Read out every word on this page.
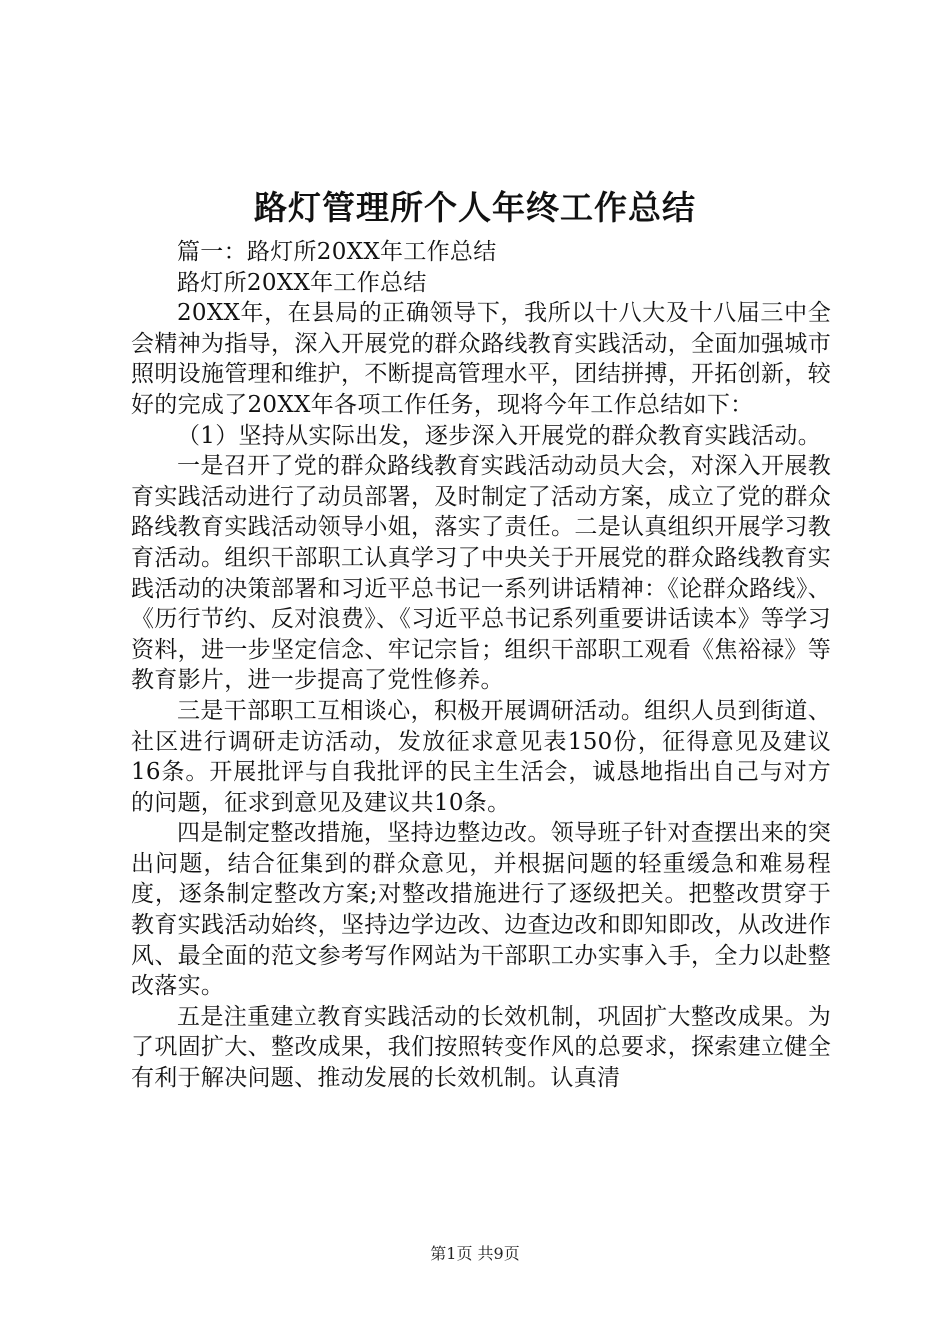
路灯管理所个人年终工作总结

篇一：路灯所20XX年工作总结

路灯所20XX年工作总结

20XX年，在县局的正确领导下，我所以十八大及十八届三中全会精神为指导，深入开展党的群众路线教育实践活动，全面加强城市照明设施管理和维护，不断提高管理水平，团结拼搏，开拓创新，较好的完成了20XX年各项工作任务，现将今年工作总结如下：

（1）坚持从实际出发，逐步深入开展党的群众教育实践活动。

一是召开了党的群众路线教育实践活动动员大会，对深入开展教育实践活动进行了动员部署，及时制定了活动方案，成立了党的群众路线教育实践活动领导小姐，落实了责任。二是认真组织开展学习教育活动。组织干部职工认真学习了中央关于开展党的群众路线教育实践活动的决策部署和习近平总书记一系列讲话精神：《论群众路线》、《历行节约、反对浪费》、《习近平总书记系列重要讲话读本》等学习资料，进一步坚定信念、牢记宗旨；组织干部职工观看《焦裕禄》等教育影片，进一步提高了党性修养。

三是干部职工互相谈心，积极开展调研活动。组织人员到街道、社区进行调研走访活动，发放征求意见表150份，征得意见及建议16条。开展批评与自我批评的民主生活会，诚恳地指出自己与对方的问题，征求到意见及建议共10条。

四是制定整改措施，坚持边整边改。领导班子针对查摆出来的突出问题，结合征集到的群众意见，并根据问题的轻重缓急和难易程度，逐条制定整改方案;对整改措施进行了逐级把关。把整改贯穿于教育实践活动始终，坚持边学边改、边查边改和即知即改，从改进作风、最全面的范文参考写作网站为干部职工办实事入手，全力以赴整改落实。

五是注重建立教育实践活动的长效机制，巩固扩大整改成果。为了巩固扩大、整改成果，我们按照转变作风的总要求，探索建立健全有利于解决问题、推动发展的长效机制。认真清

第1页 共9页
